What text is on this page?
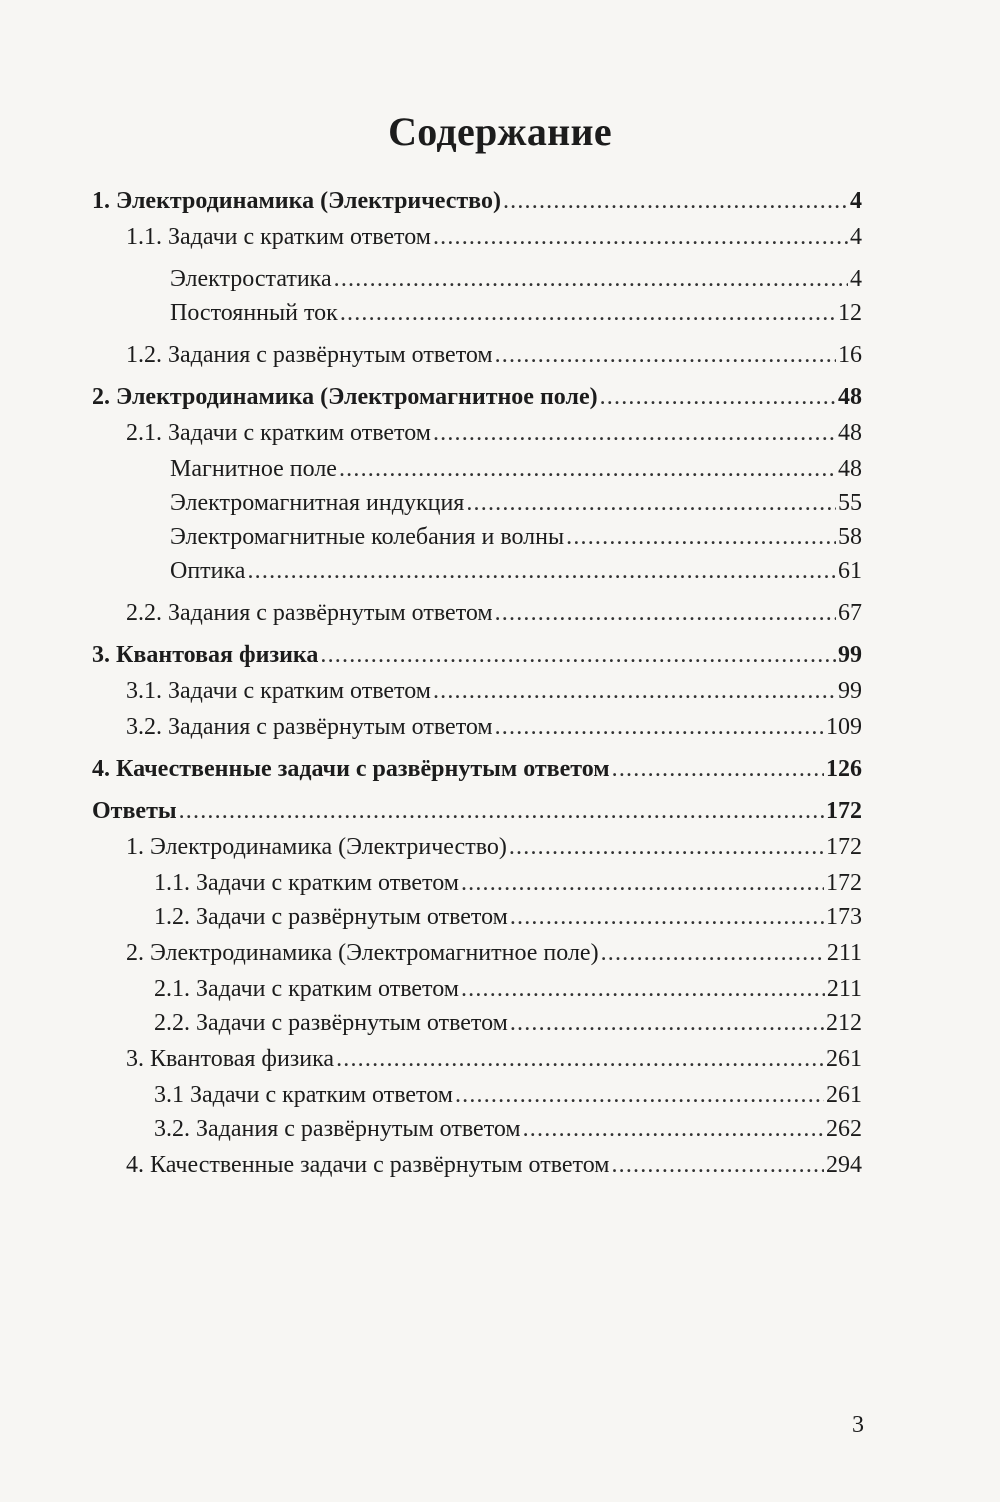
Содержание
1. Электродинамика (Электричество) .....	4
1.1. Задачи с кратким ответом .....	4
Электростатика .....	4
Постоянный ток .....	12
1.2. Задания с развёрнутым ответом .....	16
2. Электродинамика (Электромагнитное поле) .....	48
2.1. Задачи с кратким ответом .....	48
Магнитное поле .....	48
Электромагнитная индукция .....	55
Электромагнитные колебания и волны .....	58
Оптика .....	61
2.2. Задания с развёрнутым ответом .....	67
3. Квантовая физика .....	99
3.1. Задачи с кратким ответом .....	99
3.2. Задания с развёрнутым ответом .....	109
4. Качественные задачи с развёрнутым ответом .....	126
Ответы .....	172
1. Электродинамика (Электричество) .....	172
1.1. Задачи с кратким ответом .....	172
1.2. Задачи с развёрнутым ответом .....	173
2. Электродинамика (Электромагнитное поле) .....	211
2.1. Задачи с кратким ответом .....	211
2.2. Задачи с развёрнутым ответом .....	212
3. Квантовая физика .....	261
3.1 Задачи с кратким ответом .....	261
3.2. Задания с развёрнутым ответом .....	262
4. Качественные задачи с развёрнутым ответом .....	294
3
